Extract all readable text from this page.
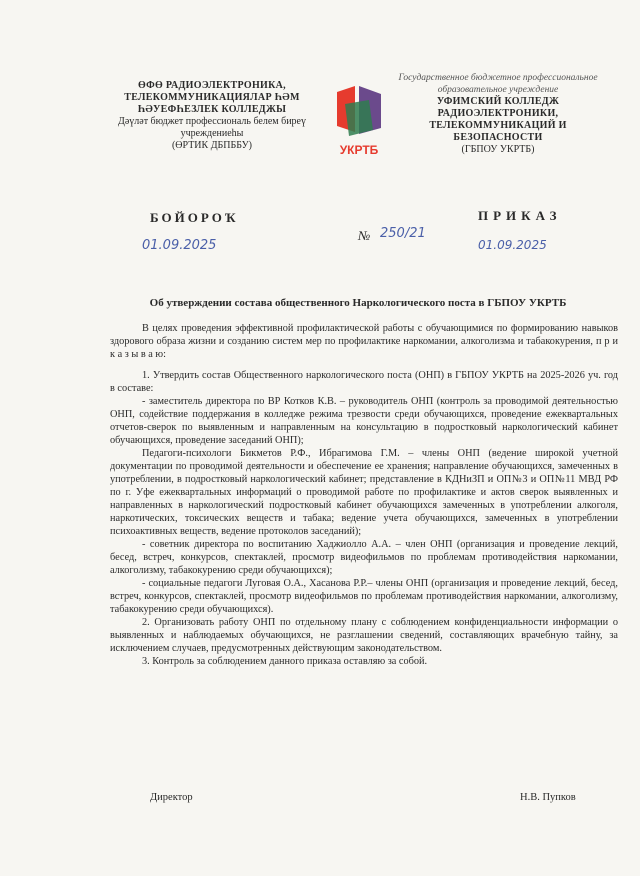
ӨФӨ РАДИОЭЛЕКТРОНИКА,
ТЕЛЕКОММУНИКАЦИЯЛАР ҺӘМ
ҺӘУЕФҺЕЗЛЕК КОЛЛЕДЖЫ
Дәүләт бюджет профессиональ белем биреү учреждениеһы
(ӨРТИК ДБПББУ)	УКРТБ
Государственное бюджетное профессиональное
образовательное учреждение
УФИМСКИЙ КОЛЛЕДЖ
РАДИОЭЛЕКТРОНИКИ,
ТЕЛЕКОММУНИКАЦИЙ И
БЕЗОПАСНОСТИ
(ГБПОУ УКРТБ)
БОЙОРОҠ	ПРИКАЗ
01.09.2025
№ 250/21
01.09.2025
Об утверждении состава общественного Наркологического поста в ГБПОУ УКРТБ

В целях проведения эффективной профилактической работы с обучающимися по формированию навыков здорового образа жизни и созданию систем мер по профилактике наркомании, алкоголизма и табакокурения, п р и к а з ы в а ю:

1. Утвердить состав Общественного наркологического поста (ОНП) в ГБПОУ УКРТБ на 2025-2026 уч. год в составе:

- заместитель директора по ВР Котков К.В. – руководитель ОНП (контроль за проводимой деятельностью ОНП, содействие поддержания в колледже режима трезвости среди обучающихся, проведение ежеквартальных отчетов-сверок по выявленным и направленным на консультацию в подростковый наркологический кабинет обучающихся, проведение заседаний ОНП);

Педагоги-психологи Бикметов Р.Ф., Ибрагимова Г.М. – члены ОНП (ведение широкой учетной документации по проводимой деятельности и обеспечение ее хранения; направление обучающихся, замеченных в употреблении, в подростковый наркологический кабинет; представление в КДНиЗП и ОП№3 и ОП№11 МВД РФ по г. Уфе ежеквартальных информаций о проводимой работе по профилактике и актов сверок выявленных и направленных в наркологический подростковый кабинет обучающихся замеченных в употреблении алкоголя, наркотических, токсических веществ и табака; ведение учета обучающихся, замеченных в употреблении психоактивных веществ, ведение протоколов заседаний);

- советник директора по воспитанию Хаджиолло А.А. – член ОНП (организация и проведение лекций, бесед, встреч, конкурсов, спектаклей, просмотр видеофильмов по проблемам противодействия наркомании, алкоголизму, табакокурению среди обучающихся);

- социальные педагоги Луговая О.А., Хасанова Р.Р.– члены ОНП (организация и проведение лекций, бесед, встреч, конкурсов, спектаклей, просмотр видеофильмов по проблемам противодействия наркомании, алкоголизму, табакокурению среди обучающихся).

2. Организовать работу ОНП по отдельному плану с соблюдением конфиденциальности информации о выявленных и наблюдаемых обучающихся, не разглашении сведений, составляющих врачебную тайну, за исключением случаев, предусмотренных действующим законодательством.

3. Контроль за соблюдением данного приказа оставляю за собой.

Директор	Н.В. Пупков
